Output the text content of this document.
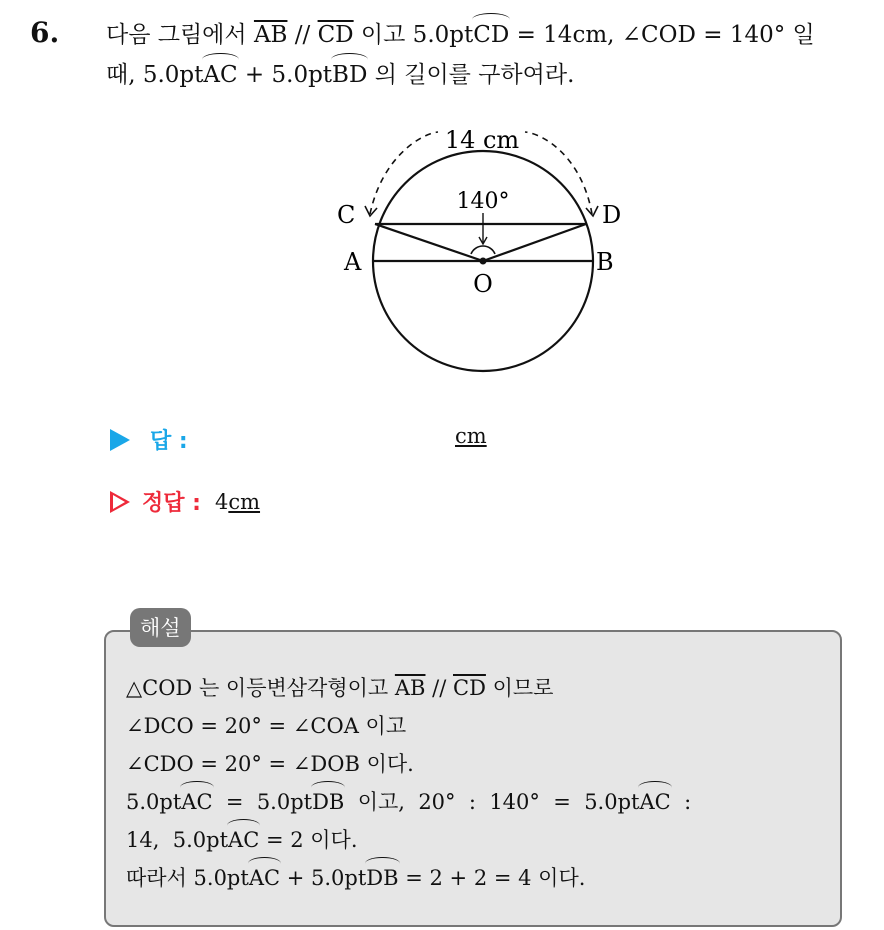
6. 다음 그림에서 $\overline{AB} // \overline{CD}$ 이고 5.0ptCD = 14cm, ∠COD = 140° 일
때, 5.0ptAC + 5.0ptBD 의 길이를 구하여라.
14 cm
140°
C	D
A	B
O
답 :	cm
정답 : 4cm
해설
△COD 는 이등변삼각형이고 $\overline{AB} // \overline{CD}$ 이므로
∠DCO = 20° = ∠COA 이고
∠CDO = 20° = ∠DOB 이다.
5.0ptAC  =  5.0ptDB  이고,  20°  :  140°  =  5.0ptAC  :
14,  5.0ptAC = 2 이다.
따라서 5.0ptAC + 5.0ptDB = 2 + 2 = 4 이다.
